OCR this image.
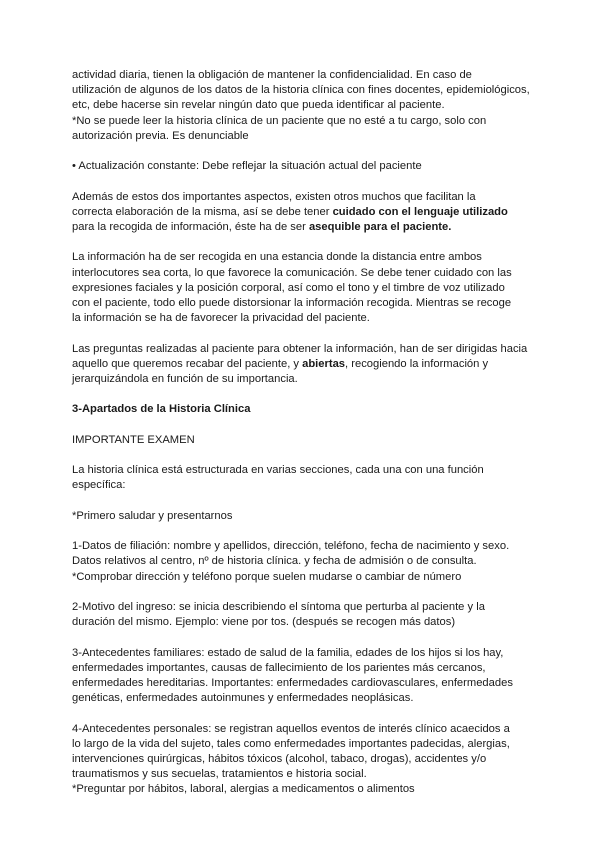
actividad diaria, tienen la obligación de mantener la confidencialidad. En caso de
utilización de algunos de los datos de la historia clínica con fines docentes, epidemiológicos,
etc, debe hacerse sin revelar ningún dato que pueda identificar al paciente.

*No se puede leer la historia clínica de un paciente que no esté a tu cargo, solo con
autorización previa. Es denunciable

• Actualización constante: Debe reflejar la situación actual del paciente

Además de estos dos importantes aspectos, existen otros muchos que facilitan la
correcta elaboración de la misma, así se debe tener cuidado con el lenguaje utilizado
para la recogida de información, éste ha de ser asequible para el paciente.

La información ha de ser recogida en una estancia donde la distancia entre ambos
interlocutores sea corta, lo que favorece la comunicación. Se debe tener cuidado con las
expresiones faciales y la posición corporal, así como el tono y el timbre de voz utilizado
con el paciente, todo ello puede distorsionar la información recogida. Mientras se recoge
la información se ha de favorecer la privacidad del paciente.

Las preguntas realizadas al paciente para obtener la información, han de ser dirigidas hacia
aquello que queremos recabar del paciente, y abiertas, recogiendo la información y
jerarquizándola en función de su importancia.

3-Apartados de la Historia Clínica

IMPORTANTE EXAMEN

La historia clínica está estructurada en varias secciones, cada una con una función
específica:

*Primero saludar y presentarnos

1-Datos de filiación: nombre y apellidos, dirección, teléfono, fecha de nacimiento y sexo.
Datos relativos al centro, nº de historia clínica. y fecha de admisión o de consulta.
*Comprobar dirección y teléfono porque suelen mudarse o cambiar de número

2-Motivo del ingreso: se inicia describiendo el síntoma que perturba al paciente y la
duración del mismo. Ejemplo: viene por tos. (después se recogen más datos)

3-Antecedentes familiares: estado de salud de la familia, edades de los hijos si los hay,
enfermedades importantes, causas de fallecimiento de los parientes más cercanos,
enfermedades hereditarias. Importantes: enfermedades cardiovasculares, enfermedades
genéticas, enfermedades autoinmunes y enfermedades neoplásicas.

4-Antecedentes personales: se registran aquellos eventos de interés clínico acaecidos a
lo largo de la vida del sujeto, tales como enfermedades importantes padecidas, alergias,
intervenciones quirúrgicas, hábitos tóxicos (alcohol, tabaco, drogas), accidentes y/o
traumatismos y sus secuelas, tratamientos e historia social.
*Preguntar por hábitos, laboral, alergias a medicamentos o alimentos
